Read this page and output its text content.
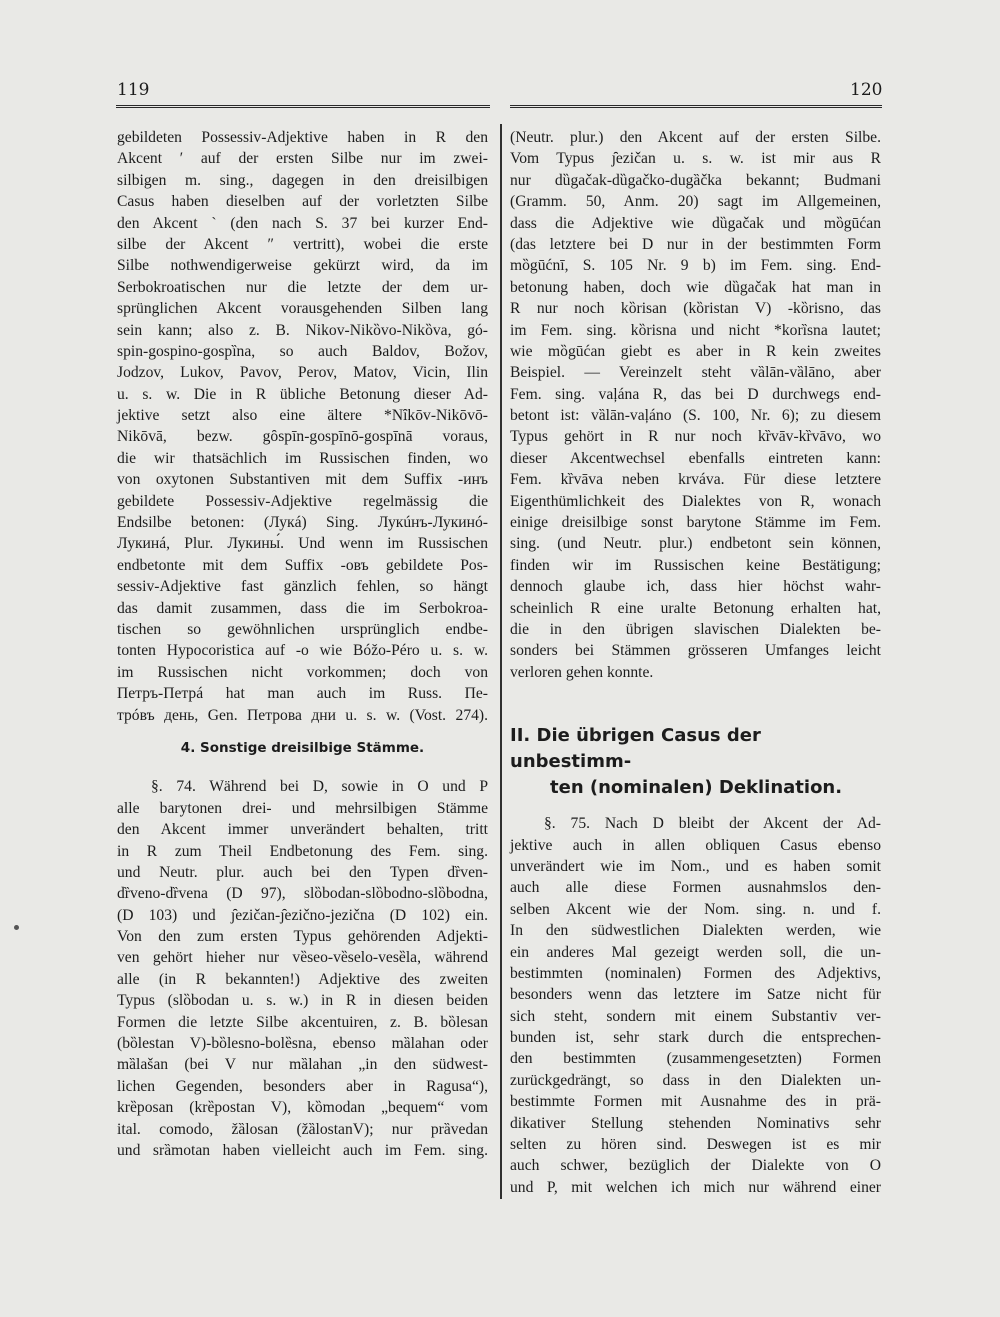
119	120
gebildeten Possessiv-Adjektive haben in R den
Akcent ′ auf der ersten Silbe nur im zwei-
silbigen m. sing., dagegen in den dreisilbigen
Casus haben dieselben auf der vorletzten Silbe
den Akcent ` (den nach S. 37 bei kurzer End-
silbe der Akcent ″ vertritt), wobei die erste
Silbe nothwendigerweise gekürzt wird, da im
Serbokroatischen nur die letzte der dem ur-
sprünglichen Akcent vorausgehenden Silben lang
sein kann; also z. B. Nikov-Nikȍvo-Nikȍva, gó-
spin-gospino-gospȉna, so auch Baldov, Božov,
Jodzov, Lukov, Pavov, Perov, Matov, Vicin, Ilin
u. s. w. Die in R übliche Betonung dieser Ad-
jektive setzt also eine ältere *Nȋkōv-Nikōvō-
Nikōvā, bezw. gȏspīn-gospīnō-gospīnā voraus,
die wir thatsächlich im Russischen finden, wo
von oxytonen Substantiven mit dem Suffix -инъ
gebildete Possessiv-Adjektive regelmässig die
Endsilbe betonen: (Лукá) Sing. Лукúнъ-Лукинó-
Лукинá, Plur. Лукины́. Und wenn im Russischen
endbetonte mit dem Suffix -овъ gebildete Pos-
sessiv-Adjektive fast gänzlich fehlen, so hängt
das damit zusammen, dass die im Serbokroa-
tischen so gewöhnlichen ursprünglich endbe-
tonten Hypocoristica auf -o wie Bóžo-Péro u. s. w.
im Russischen nicht vorkommen; doch von
Петръ-Петрá hat man auch im Russ. Пе-
трóвъ день, Gen. Петрова дни u. s. w. (Vost. 274).
4. Sonstige dreisilbige Stämme.
§. 74. Während bei D, sowie in O und P
alle barytonen drei- und mehrsilbigen Stämme
den Akcent immer unverändert behalten, tritt
in R zum Theil Endbetonung des Fem. sing.
und Neutr. plur. auch bei den Typen dȑven-
dȑveno-dȑvena (D 97), slȍbodan-slȍbodno-slȍbodna,
(D 103) und ȷ̑ezičan-ȷ̑ezično-jezična (D 102) ein.
Von den zum ersten Typus gehörenden Adjekti-
ven gehört hieher nur vȅseo-vȅselo-vesȅla, während
alle (in R bekannten!) Adjektive des zweiten
Typus (slȍbodan u. s. w.) in R in diesen beiden
Formen die letzte Silbe akcentuiren, z. B. bȍlesan
(bȍlestan V)-bȍlesno-bolȅsna, ebenso mȁlahan oder
mȁlašan (bei V nur mȁlahan „in den südwest-
lichen Gegenden, besonders aber in Ragusa“),
krȅposan (krȅpostan V), kȍmodan „bequem“ vom
ital. comodo, žȁlosan (žȁlostanV); nur prȁvedan
und srȁmotan haben vielleicht auch im Fem. sing.
(Neutr. plur.) den Akcent auf der ersten Silbe.
Vom Typus ȷ̑ezičan u. s. w. ist mir aus R
nur dȕgačak-dȕgačko-dugȁčka bekannt; Budmani
(Gramm. 50, Anm. 20) sagt im Allgemeinen,
dass die Adjektive wie dȕgačak und mȍgūćan
(das letztere bei D nur in der bestimmten Form
mȍgūćnī, S. 105 Nr. 9 b) im Fem. sing. End-
betonung haben, doch wie dȕgačak hat man in
R nur noch kȍrisan (kȍristan V) -kȍrisno, das
im Fem. sing. kȍrisna und nicht *korȉsna lautet;
wie mȍgūćan giebt es aber in R kein zweites
Beispiel. — Vereinzelt steht vȁlān-vȁlāno, aber
Fem. sing. vaļána R, das bei D durchwegs end-
betont ist: vȁlān-vaļáno (S. 100, Nr. 6); zu diesem
Typus gehört in R nur noch kȑvāv-kȑvāvo, wo
dieser Akcentwechsel ebenfalls eintreten kann:
Fem. kȑvāva neben krváva. Für diese letztere
Eigenthümlichkeit des Dialektes von R, wonach
einige dreisilbige sonst barytone Stämme im Fem.
sing. (und Neutr. plur.) endbetont sein können,
finden wir im Russischen keine Bestätigung;
dennoch glaube ich, dass hier höchst wahr-
scheinlich R eine uralte Betonung erhalten hat,
die in den übrigen slavischen Dialekten be-
sonders bei Stämmen grösseren Umfanges leicht
verloren gehen konnte.
II. Die übrigen Casus der unbestimm-
ten (nominalen) Deklination.
§. 75. Nach D bleibt der Akcent der Ad-
jektive auch in allen obliquen Casus ebenso
unverändert wie im Nom., und es haben somit
auch alle diese Formen ausnahmslos den-
selben Akcent wie der Nom. sing. n. und f.
In den südwestlichen Dialekten werden, wie
ein anderes Mal gezeigt werden soll, die un-
bestimmten (nominalen) Formen des Adjektivs,
besonders wenn das letztere im Satze nicht für
sich steht, sondern mit einem Substantiv ver-
bunden ist, sehr stark durch die entsprechen-
den bestimmten (zusammengesetzten) Formen
zurückgedrängt, so dass in den Dialekten un-
bestimmte Formen mit Ausnahme des in prä-
dikativer Stellung stehenden Nominativs sehr
selten zu hören sind. Deswegen ist es mir
auch schwer, bezüglich der Dialekte von O
und P, mit welchen ich mich nur während einer
